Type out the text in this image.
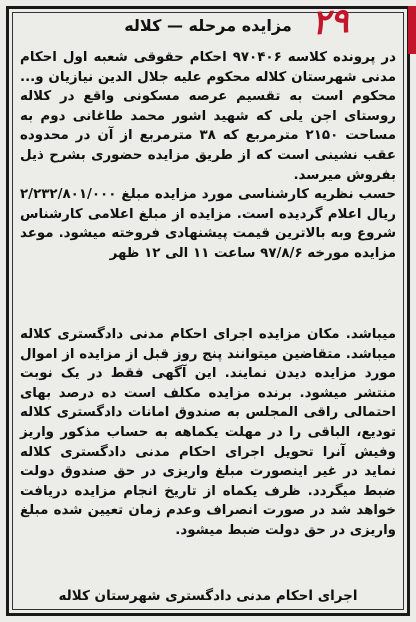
۲۹
مزایده مرحله — کلاله
در پرونده کلاسه ۹۷۰۴۰۶ احکام حقوقی شعبه اول احکام مدنی شهرستان کلاله محکوم علیه جلال الدین نیازیان و... محکوم است به تقسیم عرصه مسکونی واقع در کلاله روستای اجن یلی که شهید اشور محمد طاغانی دوم به مساحت ۲۱۵۰ مترمربع که ۳۸ مترمربع از آن در محدوده عقب نشینی است که از طریق مزایده حضوری بشرح ذیل بفروش میرسد.
حسب نظریه کارشناسی مورد مزایده مبلغ ۲/۲۳۲/۸۰۱/۰۰۰ ریال اعلام گردیده است. مزایده از مبلغ اعلامی کارشناس شروع وبه بالاترین قیمت پیشنهادی فروخته میشود. موعد مزایده مورخه ۹۷/۸/۶ ساعت ۱۱ الی ۱۲ ظهر
میباشد. مکان مزایده اجرای احکام مدنی دادگستری کلاله میباشد. متقاضین میتوانند پنج روز قبل از مزایده از اموال مورد مزایده دیدن نمایند. این آگهی فقط در یک نوبت منتشر میشود. برنده مزایده مکلف است ده درصد بهای احتمالی راقی المجلس به صندوق امانات دادگستری کلاله تودیع، الباقی را در مهلت یکماهه به حساب مذکور واریز وفیش آنرا تحویل اجرای احکام مدنی دادگستری کلاله نماید در غیر اینصورت مبلغ واریزی در حق صندوق دولت ضبط میگردد. ظرف یکماه از تاریخ انجام مزایده دریافت خواهد شد در صورت انصراف وعدم زمان تعیین شده مبلغ واریزی در حق دولت ضبط میشود.
اجرای احکام مدنی دادگستری شهرستان کلاله
